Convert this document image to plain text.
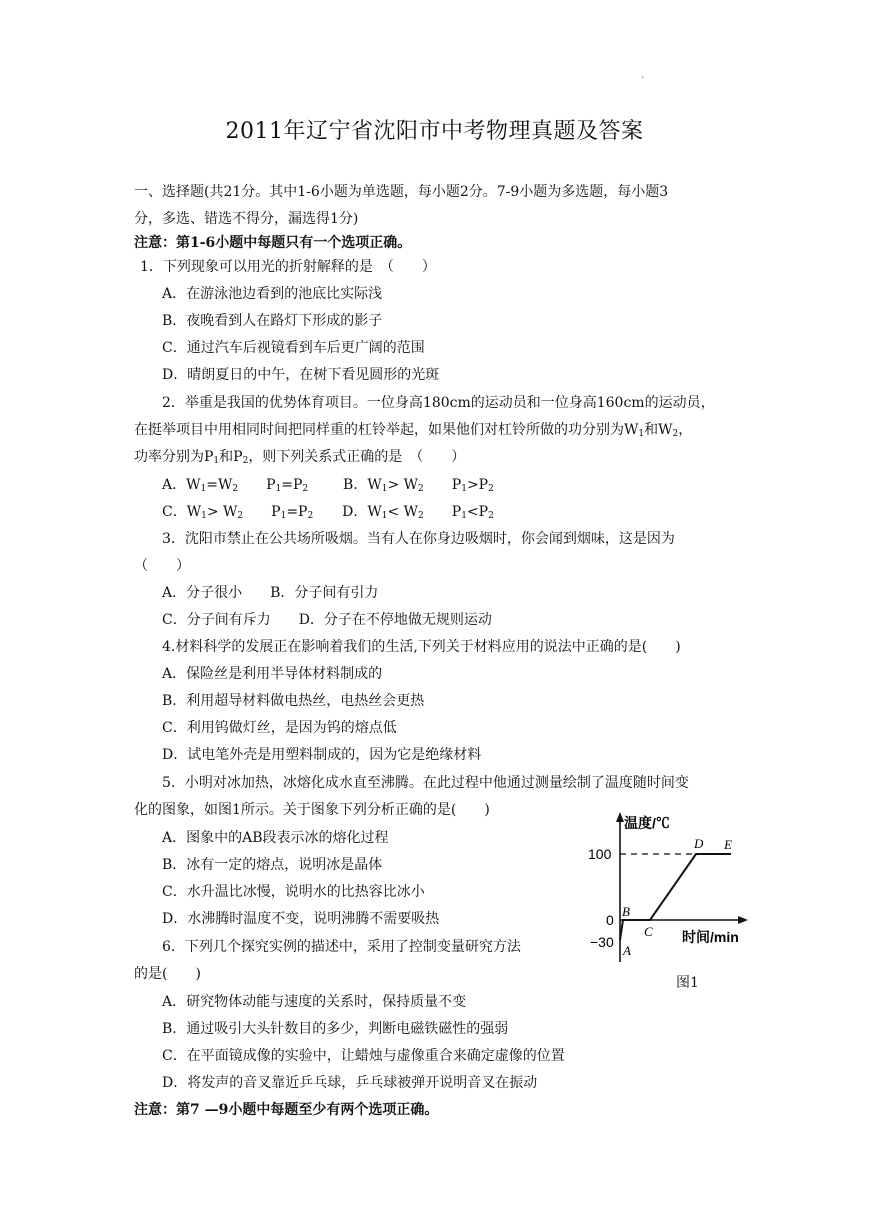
.
2011年辽宁省沈阳市中考物理真题及答案
一、选择题(共21分。其中1-6小题为单选题，每小题2分。7-9小题为多选题，每小题3
分，多选、错选不得分，漏选得1分)
注意：第1-6小题中每题只有一个选项正确。
1．下列现象可以用光的折射解释的是　（　　）
A．在游泳池边看到的池底比实际浅
B．夜晚看到人在路灯下形成的影子
C．通过汽车后视镜看到车后更广阔的范围
D．晴朗夏日的中午，在树下看见圆形的光斑
2．举重是我国的优势体育项目。一位身高180cm的运动员和一位身高160cm的运动员，
在挺举项目中用相同时间把同样重的杠铃举起，如果他们对杠铃所做的功分别为$W_1$和$W_2$，
功率分别为$P_1$和$P_2$，则下列关系式正确的是　（　　）
A．$W_1=W_2$　　$P_1=P_2$ B．$W_1> W_2$　　$P_1>P_2$
C．$W_1> W_2$　　$P_1=P_2$ D．$W_1< W_2$　　$P_1<P_2$
3．沈阳市禁止在公共场所吸烟。当有人在你身边吸烟时，你会闻到烟味，这是因为
（　　）
A．分子很小　　B．分子间有引力
C．分子间有斥力　　D．分子在不停地做无规则运动
4.材料科学的发展正在影响着我们的生活,下列关于材料应用的说法中正确的是(　　)
A．保险丝是利用半导体材料制成的
B．利用超导材料做电热丝，电热丝会更热
C．利用钨做灯丝，是因为钨的熔点低
D．试电笔外壳是用塑料制成的，因为它是绝缘材料
5．小明对冰加热，冰熔化成水直至沸腾。在此过程中他通过测量绘制了温度随时间变
化的图象，如图1所示。关于图象下列分析正确的是(　　)
A．图象中的AB段表示冰的熔化过程
B．冰有一定的熔点，说明冰是晶体
C．水升温比冰慢，说明水的比热容比冰小
D．水沸腾时温度不变，说明沸腾不需要吸热
6．下列几个探究实例的描述中，采用了控制变量研究方法
的是(　　)
A．研究物体动能与速度的关系时，保持质量不变
B．通过吸引大头针数目的多少，判断电磁铁磁性的强弱
C．在平面镜成像的实验中，让蜡烛与虚像重合来确定虚像的位置
D．将发声的音叉靠近乒乓球，乒乓球被弹开说明音叉在振动
注意：第7 —9小题中每题至少有两个选项正确。
温度/℃
时间/min
100
0
−30
A
B
C
D E
图1
